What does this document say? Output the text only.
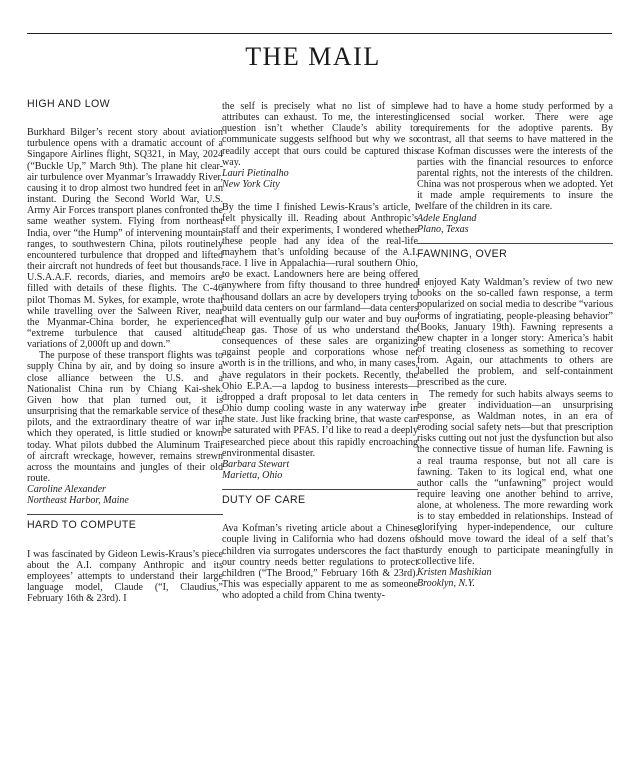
THE MAIL
HIGH AND LOW

Burkhard Bilger’s recent story about aviation turbulence opens with a dramatic account of a Singapore Airlines flight, SQ321, in May, 2024 (“Buckle Up,” March 9th). The plane hit clear-air turbulence over Myanmar’s Irrawaddy River, causing it to drop almost two hundred feet in an instant. During the Second World War, U.S. Army Air Forces transport planes confronted the same weather system. Flying from northeast India, over “the Hump” of intervening mountain ranges, to southwestern China, pilots routinely encountered turbulence that dropped and lifted their aircraft not hundreds of feet but thousands. U.S.A.A.F. records, diaries, and memoirs are filled with details of these flights. The C-46 pilot Thomas M. Sykes, for example, wrote that while travelling over the Salween River, near the Myanmar-China border, he experienced “extreme turbulence that caused altitude variations of 2,000ft up and down.”

The purpose of these transport flights was to supply China by air, and by doing so insure a close alliance between the U.S. and a Nationalist China run by Chiang Kai-shek. Given how that plan turned out, it is unsurprising that the remarkable service of these pilots, and the extraordinary theatre of war in which they operated, is little studied or known today. What pilots dubbed the Aluminum Trail of aircraft wreckage, however, remains strewn across the mountains and jungles of their old route.

Caroline Alexander
Northeast Harbor, Maine
HARD TO COMPUTE

I was fascinated by Gideon Lewis-Kraus’s piece about the A.I. company Anthropic and its employees’ attempts to understand their large language model, Claude (“I, Claudius,” February 16th & 23rd). I

the self is precisely what no list of simple attributes can exhaust. To me, the interesting question isn’t whether Claude’s ability to communicate suggests selfhood but why we so readily accept that ours could be captured this way.

Lauri Pietinalho
New York City

By the time I finished Lewis-Kraus’s article, I felt physically ill. Reading about Anthropic’s staff and their experiments, I wondered whether these people had any idea of the real-life mayhem that’s unfolding because of the A.I. race. I live in Appalachia—rural southern Ohio, to be exact. Landowners here are being offered anywhere from fifty thousand to three hundred thousand dollars an acre by developers trying to build data centers on our farmland—data centers that will eventually gulp our water and buy our cheap gas. Those of us who understand the consequences of these sales are organizing against people and corporations whose net worth is in the trillions, and who, in many cases, have regulators in their pockets. Recently, the Ohio E.P.A.—a lapdog to business interests—dropped a draft proposal to let data centers in Ohio dump cooling waste in any waterway in the state. Just like fracking brine, that waste can be saturated with PFAS. I’d like to read a deeply researched piece about this rapidly encroaching environmental disaster.

Barbara Stewart
Marietta, Ohio
DUTY OF CARE

Ava Kofman’s riveting article about a Chinese couple living in California who had dozens of children via surrogates underscores the fact that our country needs better regulations to protect children (“The Brood,” February 16th & 23rd). This was especially apparent to me as someone who adopted a child from China twenty-

we had to have a home study performed by a licensed social worker. There were age requirements for the adoptive parents. By contrast, all that seems to have mattered in the case Kofman discusses were the interests of the parties with the financial resources to enforce parental rights, not the interests of the children. China was not prosperous when we adopted. Yet it made ample requirements to insure the welfare of the children in its care.

Adele England
Plano, Texas
FAWNING, OVER

I enjoyed Katy Waldman’s review of two new books on the so-called fawn response, a term popularized on social media to describe “various forms of ingratiating, people-pleasing behavior” (Books, January 19th). Fawning represents a new chapter in a longer story: America’s habit of treating closeness as something to recover from. Again, our attachments to others are labelled the problem, and self-containment prescribed as the cure.

The remedy for such habits always seems to be greater individuation—an unsurprising response, as Waldman notes, in an era of eroding social safety nets—but that prescription risks cutting out not just the dysfunction but also the connective tissue of human life. Fawning is a real trauma response, but not all care is fawning. Taken to its logical end, what one author calls the “unfawning” project would require leaving one another behind to arrive, alone, at wholeness. The more rewarding work is to stay embedded in relationships. Instead of glorifying hyper-independence, our culture should move toward the ideal of a self that’s sturdy enough to participate meaningfully in collective life.

Kristen Mashikian
Brooklyn, N.Y.
